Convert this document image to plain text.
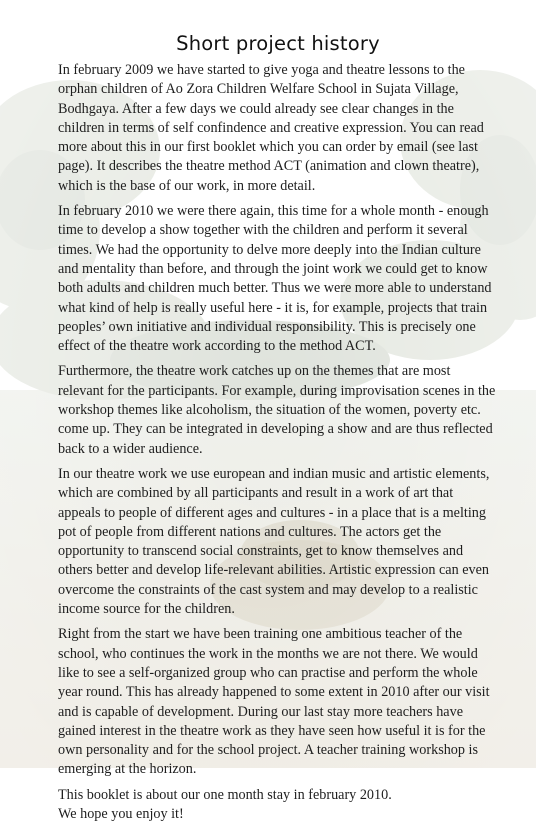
Short project history

In february 2009 we have started to give yoga and theatre lessons to the orphan children of Ao Zora Children Welfare School in Sujata Village, Bodhgaya. After a few days we could already see clear changes in the children in terms of self confindence and creative expression. You can read more about this in our first booklet which you can order by email (see last page). It describes the theatre method ACT (animation and clown theatre), which is the base of our work, in more detail.

In february 2010 we were there again, this time for a whole month - enough time to develop a show together with the children and perform it several times. We had the opportunity to delve more deeply into the Indian culture and mentality than before, and through the joint work we could get to know both adults and children much better. Thus we were more able to understand what kind of help is really useful here - it is, for example, projects that train peoples’ own initiative and individual responsibility. This is precisely one effect of the theatre work according to the method ACT.

Furthermore, the theatre work catches up on the themes that are most relevant for the participants. For example, during improvisation scenes in the workshop themes like alcoholism, the situation of the women, poverty etc. come up. They can be integrated in developing a show and are thus reflected back to a wider audience.

In our theatre work we use european and indian music and artistic elements, which are combined by all participants and result in a work of art that appeals to people of different ages and cultures - in a place that is a melting pot of people from different nations and cultures. The actors get the opportunity to transcend social constraints, get to know themselves and others better and develop life-relevant abilities. Artistic expression can even overcome the constraints of the cast system and may develop to a realistic income source for the children.

Right from the start we have been training one ambitious teacher of the school, who continues the work in the months we are not there. We would like to see a self-organized group who can practise and perform the whole year round. This has already happened to some extent in 2010 after our visit and is capable of development. During our last stay more teachers have gained interest in the theatre work as they have seen how useful it is for the own personality and for the school project. A teacher training workshop is emerging at the horizon.

This booklet is about our one month stay in february 2010.

We hope you enjoy it!
